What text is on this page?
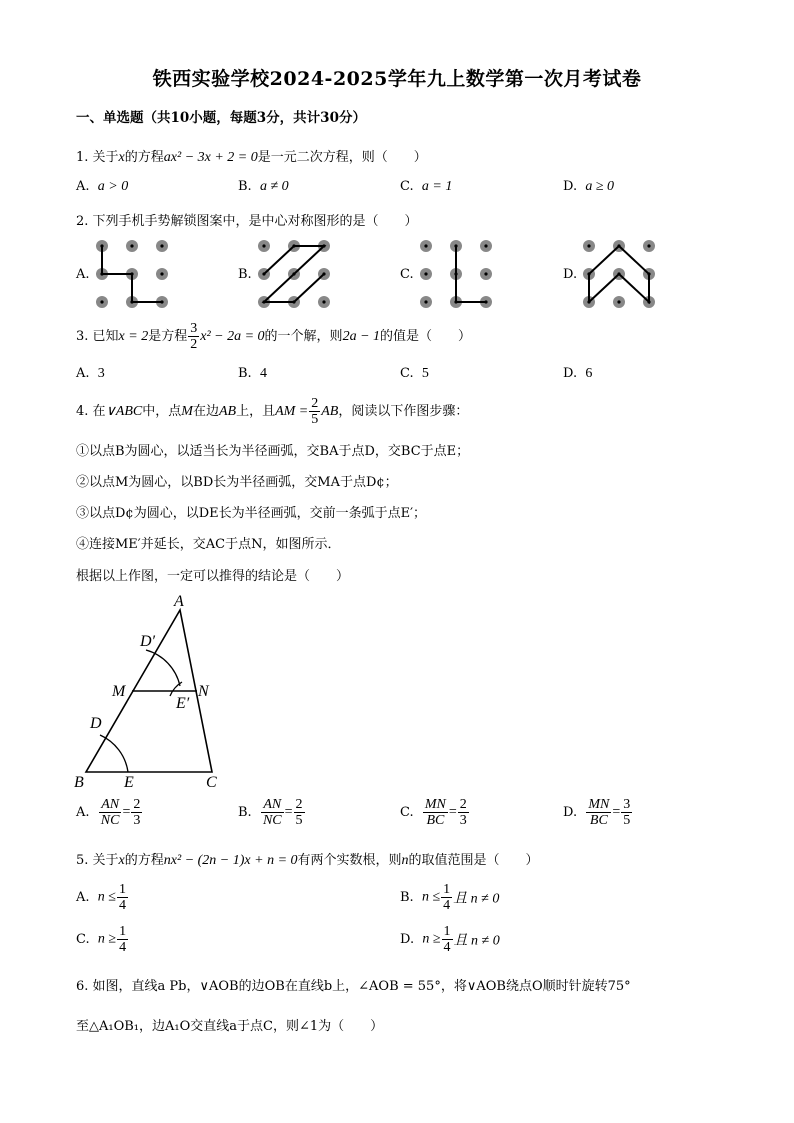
铁西实验学校2024-2025学年九上数学第一次月考试卷
一、单选题（共10小题，每题3分，共计30分）
1. 关于x的方程ax² − 3x + 2 = 0是一元二次方程，则（　　）
A. a > 0	B. a ≠ 0	C. a = 1	D. a ≥ 0
2. 下列手机手势解锁图案中，是中心对称图形的是（　　）
A.	B.	C.	D.
3. 已知x = 2是方程 $\frac{3}{2} x^2 - 2a = 0$的一个解，则2a − 1的值是（　　）
A. 3	B. 4	C. 5	D. 6
4. 在∨ABC中，点M在边AB上，且AM = $\frac{2}{5}$ AB，阅读以下作图步骤：
①以点B为圆心，以适当长为半径画弧，交BA于点D，交BC于点E；
②以点M为圆心，以BD长为半径画弧，交MA于点D¢；
③以点D¢为圆心，以DE长为半径画弧，交前一条弧于点E′；
④连接ME′并延长，交AC于点N，如图所示．
根据以上作图，一定可以推得的结论是（　　）
A
B	C
D
E
M	N
D′
E′
A. $\frac{AN}{NC} = \frac{2}{3}$	B. $\frac{AN}{NC} = \frac{2}{5}$	C. $\frac{MN}{BC} = \frac{2}{3}$	D. $\frac{MN}{BC} = \frac{3}{5}$
5. 关于x的方程nx² − (2n − 1)x + n = 0有两个实数根，则n的取值范围是（　　）
A. $n \le \frac{1}{4}$	B. $n \le \frac{1}{4}$ 且 n ≠ 0
C. $n \ge \frac{1}{4}$	D. $n \ge \frac{1}{4}$ 且 n ≠ 0
6. 如图，直线a Pb，∨AOB的边OB在直线b上，∠AOB = 55°，将∨AOB绕点O顺时针旋转75°
至△A₁OB₁，边A₁O交直线a于点C，则∠1为（　　）
